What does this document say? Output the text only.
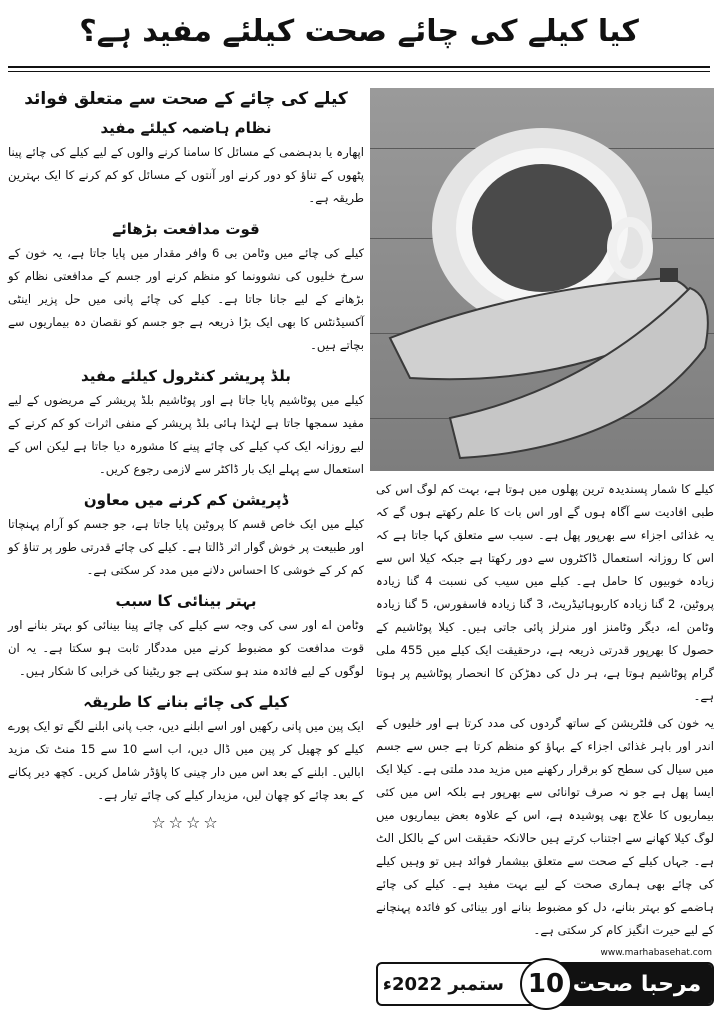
کیا کیلے کی چائے صحت کیلئے مفید ہے؟
کیلے کی چائے کے صحت سے متعلق فوائد
نظام ہاضمہ کیلئے مفید

اپھارہ یا بدہضمی کے مسائل کا سامنا کرنے والوں کے لیے کیلے کی چائے پینا پٹھوں کے تناؤ کو دور کرنے اور آنتوں کے مسائل کو کم کرنے کا ایک بہترین طریقہ ہے۔

قوت مدافعت بڑھائے

کیلے کی چائے میں وٹامن بی 6 وافر مقدار میں پایا جاتا ہے، یہ خون کے سرخ خلیوں کی نشوونما کو منظم کرنے اور جسم کے مدافعتی نظام کو بڑھانے کے لیے جانا جاتا ہے۔ کیلے کی چائے پانی میں حل پزیر اینٹی آکسیڈنٹس کا بھی ایک بڑا ذریعہ ہے جو جسم کو نقصان دہ بیماریوں سے بچاتے ہیں۔

بلڈ پریشر کنٹرول کیلئے مفید

کیلے میں پوٹاشیم پایا جاتا ہے اور پوٹاشیم بلڈ پریشر کے مریضوں کے لیے مفید سمجھا جاتا ہے لہٰذا ہائی بلڈ پریشر کے منفی اثرات کو کم کرنے کے لیے روزانہ ایک کپ کیلے کی چائے پینے کا مشورہ دیا جاتا ہے لیکن اس کے استعمال سے پہلے ایک بار ڈاکٹر سے لازمی رجوع کریں۔

ڈپریشن کم کرنے میں معاون

کیلے میں ایک خاص قسم کا پروٹین پایا جاتا ہے، جو جسم کو آرام پہنچاتا اور طبیعت پر خوش گوار اثر ڈالتا ہے۔ کیلے کی چائے قدرتی طور پر تناؤ کو کم کر کے خوشی کا احساس دلانے میں مدد کر سکتی ہے۔

بہتر بینائی کا سبب

وٹامن اے اور سی کی وجہ سے کیلے کی چائے پینا بینائی کو بہتر بنانے اور قوت مدافعت کو مضبوط کرنے میں مددگار ثابت ہو سکتا ہے۔ یہ ان لوگوں کے لیے فائدہ مند ہو سکتی ہے جو ریٹینا کی خرابی کا شکار ہیں۔

کیلے کی چائے بنانے کا طریقہ

ایک پین میں پانی رکھیں اور اسے ابلنے دیں، جب پانی ابلنے لگے تو ایک پورے کیلے کو چھیل کر پین میں ڈال دیں، اب اسے 10 سے 15 منٹ تک مزید ابالیں۔ ابلنے کے بعد اس میں دار چینی کا پاؤڈر شامل کریں۔ کچھ دیر پکانے کے بعد چائے کو چھان لیں، مزیدار کیلے کی چائے تیار ہے۔

☆☆☆☆

کیلے کا شمار پسندیدہ ترین پھلوں میں ہوتا ہے، بہت کم لوگ اس کی طبی افادیت سے آگاہ ہوں گے اور اس بات کا علم رکھتے ہوں گے کہ یہ غذائی اجزاء سے بھرپور پھل ہے۔ سیب سے متعلق کہا جاتا ہے کہ اس کا روزانہ استعمال ڈاکٹروں سے دور رکھتا ہے جبکہ کیلا اس سے زیادہ خوبیوں کا حامل ہے۔ کیلے میں سیب کی نسبت 4 گنا زیادہ پروٹین، 2 گنا زیادہ کاربوہائیڈریٹ، 3 گنا زیادہ فاسفورس، 5 گنا زیادہ وٹامن اے، دیگر وٹامنز اور منرلز پائی جاتی ہیں۔ کیلا پوٹاشیم کے حصول کا بھرپور قدرتی ذریعہ ہے، درحقیقت ایک کیلے میں 455 ملی گرام پوٹاشیم ہوتا ہے، ہر دل کی دھڑکن کا انحصار پوٹاشیم پر ہوتا ہے۔

یہ خون کی فلٹریشن کے ساتھ گردوں کی مدد کرتا ہے اور خلیوں کے اندر اور باہر غذائی اجزاء کے بہاؤ کو منظم کرتا ہے جس سے جسم میں سیال کی سطح کو برقرار رکھنے میں مزید مدد ملتی ہے۔ کیلا ایک ایسا پھل ہے جو نہ صرف توانائی سے بھرپور ہے بلکہ اس میں کئی بیماریوں کا علاج بھی پوشیدہ ہے، اس کے علاوہ بعض بیماریوں میں لوگ کیلا کھانے سے اجتناب کرتے ہیں حالانکہ حقیقت اس کے بالکل الٹ ہے۔ جہاں کیلے کے صحت سے متعلق بیشمار فوائد ہیں تو وہیں کیلے کی چائے بھی ہماری صحت کے لیے بہت مفید ہے۔ کیلے کی چائے ہاضمے کو بہتر بنانے، دل کو مضبوط بنانے اور بینائی کو فائدہ پہنچانے کے لیے حیرت انگیز کام کر سکتی ہے۔

www.marhabasehat.com
مرحبا صحت
10
ستمبر 2022ء
